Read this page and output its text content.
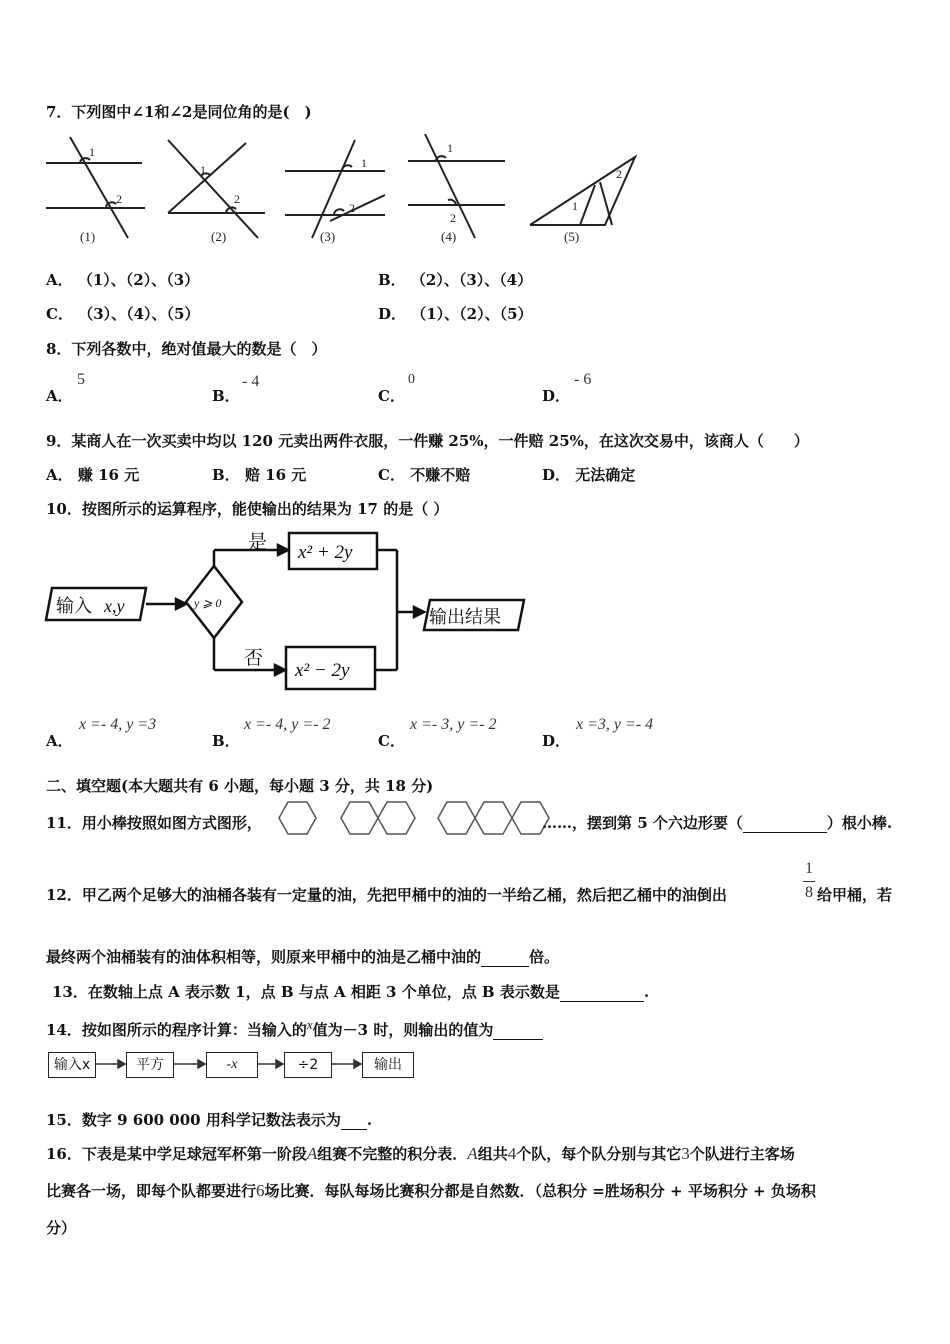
7．下列图中∠1和∠2是同位角的是(　)
1
2
1
2
1
2
1
2
1
2
(1)	(2)	(3)	(4)	(5)
A． （1）、（2）、（3）	B． （2）、（3）、（4）
C． （3）、（4）、（5）	D． （1）、（2）、（5）
8．下列各数中，绝对值最大的数是（　）
A．
5
B．
- 4
C．
0
D．
- 6
9．某商人在一次买卖中均以 120 元卖出两件衣服，一件赚 25%，一件赔 25%，在这次交易中，该商人（　　）
A． 赚 16 元	B． 赔 16 元	C． 不赚不赔	D． 无法确定
10．按图所示的运算程序，能使输出的结果为 17 的是（ ）
输入 x,y	y ⩾ 0
是
否
x² + 2y
x² − 2y
输出结果
A．
x =- 4, y =3
B．
x =- 4, y =- 2
C．
x =- 3, y =- 2
D．
x =3, y =- 4
二、填空题(本大题共有 6 小题，每小题 3 分，共 18 分)
11．用小棒按照如图方式图形，	……，摆到第 5 个六边形要（	）根小棒.
12．甲乙两个足够大的油桶各装有一定量的油，先把甲桶中的油的一半给乙桶，然后把乙桶中的油倒出
1
8 给甲桶，若
最终两个油桶装有的油体积相等，则原来甲桶中的油是乙桶中油的	倍。
13．在数轴上点 A 表示数 1，点 B 与点 A 相距 3 个单位，点 B 表示数是	.
14．按如图所示的程序计算：当输入的x值为－3 时，则输出的值为
输入x	平方	-x	÷2	输出
15．数字 9 600 000 用科学记数法表示为 .
16．下表是某中学足球冠军杯第一阶段A组赛不完整的积分表．A组共4个队，每个队分别与其它3个队进行主客场
比赛各一场，即每个队都要进行6场比赛．每队每场比赛积分都是自然数．（总积分 =胜场积分 + 平场积分 + 负场积
分）
